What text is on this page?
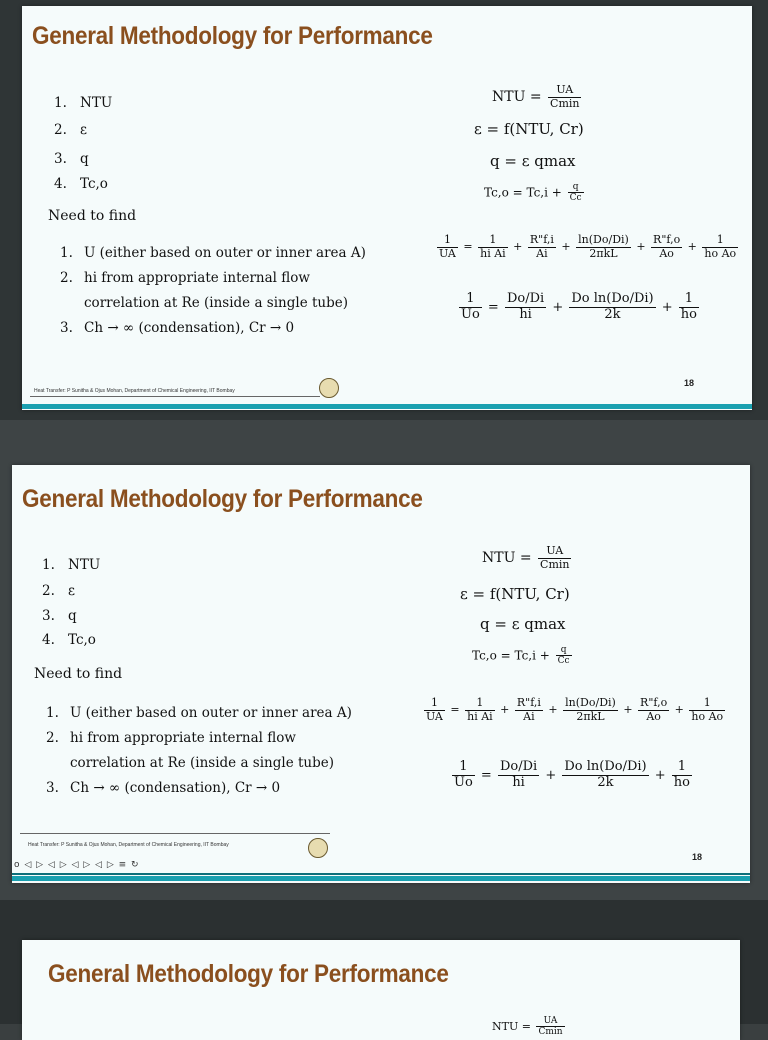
General Methodology for Performance
1. NTU
2. ε
3. q
4. Tc,o
Need to find
1. U (either based on outer or inner area A)
2. hi from appropriate internal flow
correlation at Re (inside a single tube)
3. Ch → ∞ (condensation), Cr → 0
NTU = $\frac{UA}{Cmin}$
ε = f(NTU, Cr)
q = ε qmax
$Tc,o = Tc,i + \frac{q}{Cc}$
$\frac{1}{UA} = \frac{1}{\text{hi Ai}} + \frac{R"f,i}{Ai} + \frac{\ln(Do/Di)}{\text{2πkL}} + \frac{R"f,o}{Ao} + \frac{1}{\text{ho Ao}}$
$\frac{1}{Uo} = \frac{Do/Di}{hi} + \frac{\text{Do ln(Do/Di)}}{2k} + \frac{1}{ho}$
Heat Transfer: P Sunitha & Ojus Mohan, Department of Chemical Engineering, IIT Bombay
18
General Methodology for Performance
1. NTU
2. ε
3. q
4. Tc,o
Need to find
1. U (either based on outer or inner area A)
2. hi from appropriate internal flow
correlation at Re (inside a single tube)
3. Ch → ∞ (condensation), Cr → 0
NTU = $\frac{UA}{Cmin}$
ε = f(NTU, Cr)
q = ε qmax
$Tc,o = Tc,i + \frac{q}{Cc}$
$\frac{1}{UA} = \frac{1}{\text{hi Ai}} + \frac{R"f,i}{Ai} + \frac{\ln(Do/Di)}{\text{2πkL}} + \frac{R"f,o}{Ao} + \frac{1}{\text{ho Ao}}$
$\frac{1}{Uo} = \frac{Do/Di}{hi} + \frac{\text{Do ln(Do/Di)}}{2k} + \frac{1}{ho}$
Heat Transfer: P Sunitha & Ojus Mohan, Department of Chemical Engineering, IIT Bombay
18
o ◁ ▷ ◁ ▷ ◁ ▷ ◁ ▷ ≡ ↻
General Methodology for Performance
NTU = $\frac{UA}{Cmin}$
